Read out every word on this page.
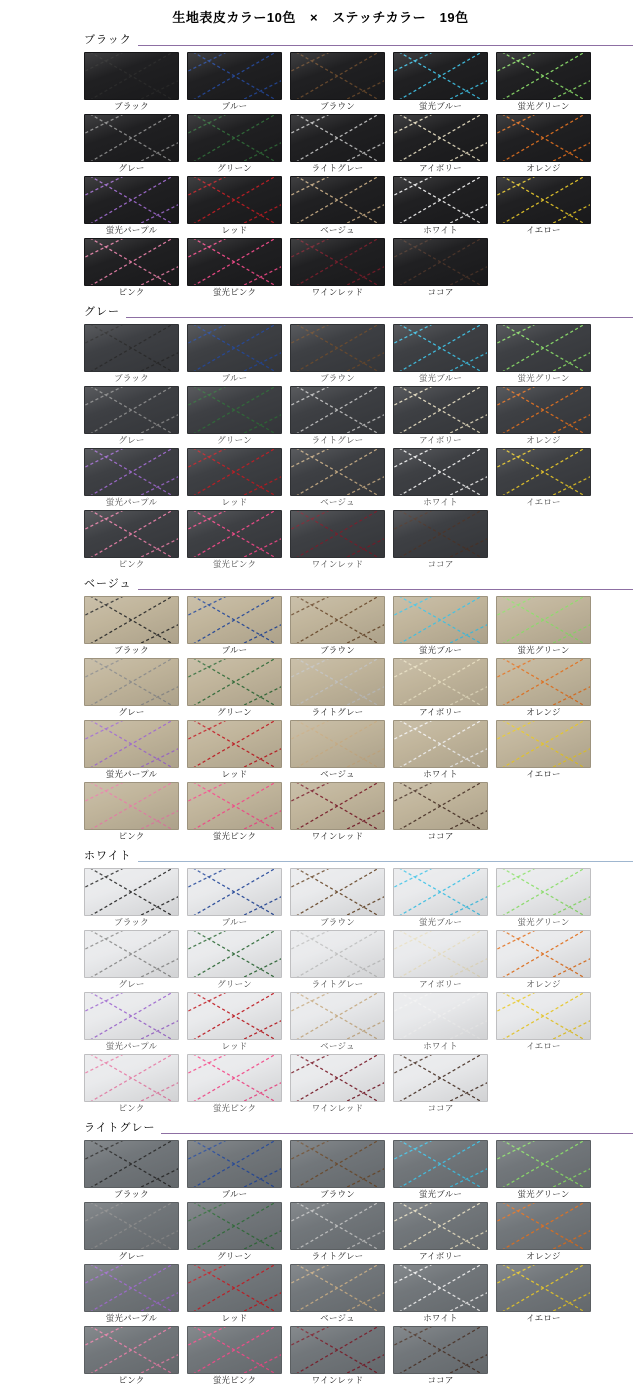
生地表皮カラー10色 × ステッチカラー　19色
ブラック
ブラック	ブルー	ブラウン	蛍光ブルー	蛍光グリーン
グレー	グリーン	ライトグレー	アイボリー	オレンジ
蛍光パープル	レッド	ベージュ	ホワイト	イエロー
ピンク	蛍光ピンク	ワインレッド	ココア
グレー
ブラック	ブルー	ブラウン	蛍光ブルー	蛍光グリーン
グレー	グリーン	ライトグレー	アイボリー	オレンジ
蛍光パープル	レッド	ベージュ	ホワイト	イエロー
ピンク	蛍光ピンク	ワインレッド	ココア
ベージュ
ブラック	ブルー	ブラウン	蛍光ブルー	蛍光グリーン
グレー	グリーン	ライトグレー	アイボリー	オレンジ
蛍光パープル	レッド	ベージュ	ホワイト	イエロー
ピンク	蛍光ピンク	ワインレッド	ココア
ホワイト
ブラック	ブルー	ブラウン	蛍光ブルー	蛍光グリーン
グレー	グリーン	ライトグレー	アイボリー	オレンジ
蛍光パープル	レッド	ベージュ	ホワイト	イエロー
ピンク	蛍光ピンク	ワインレッド	ココア
ライトグレー
ブラック	ブルー	ブラウン	蛍光ブルー	蛍光グリーン
グレー	グリーン	ライトグレー	アイボリー	オレンジ
蛍光パープル	レッド	ベージュ	ホワイト	イエロー
ピンク	蛍光ピンク	ワインレッド	ココア
